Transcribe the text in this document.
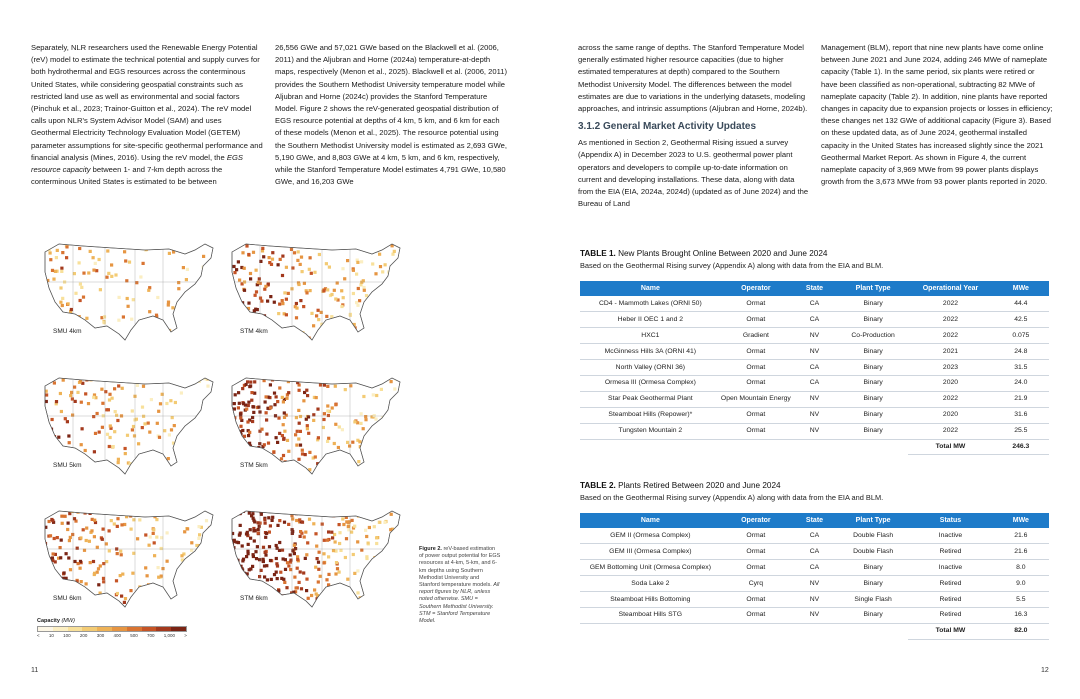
Separately, NLR researchers used the Renewable Energy Potential (reV) model to estimate the technical potential and supply curves for both hydrothermal and EGS resources across the conterminous United States, while considering geospatial constraints such as restricted land use as well as environmental and social factors (Pinchuk et al., 2023; Trainor-Guitton et al., 2024). The reV model calls upon NLR's System Advisor Model (SAM) and uses Geothermal Electricity Technology Evaluation Model (GETEM) parameter assumptions for site-specific geothermal performance and financial analysis (Mines, 2016). Using the reV model, the EGS resource capacity between 1- and 7-km depth across the conterminous United States is estimated to be between

26,556 GWe and 57,021 GWe based on the Blackwell et al. (2006, 2011) and the Aljubran and Horne (2024a) temperature-at-depth maps, respectively (Menon et al., 2025). Blackwell et al. (2006, 2011) provides the Southern Methodist University temperature model while Aljubran and Horne (2024c) provides the Stanford Temperature Model. Figure 2 shows the reV-generated geospatial distribution of EGS resource potential at depths of 4 km, 5 km, and 6 km for each of these models (Menon et al., 2025). The resource potential using the Southern Methodist University model is estimated as 2,693 GWe, 5,190 GWe, and 8,803 GWe at 4 km, 5 km, and 6 km, respectively, while the Stanford Temperature Model estimates 4,791 GWe, 10,580 GWe, and 16,203 GWe

across the same range of depths. The Stanford Temperature Model generally estimated higher resource capacities (due to higher estimated temperatures at depth) compared to the Southern Methodist University Model. The differences between the model estimates are due to variations in the underlying datasets, modeling approaches, and intrinsic assumptions (Aljubran and Horne, 2024b).

3.1.2 General Market Activity Updates

As mentioned in Section 2, Geothermal Rising issued a survey (Appendix A) in December 2023 to U.S. geothermal power plant operators and developers to compile up-to-date information on current and developing installations. These data, along with data from the EIA (EIA, 2024a, 2024d) (updated as of June 2024) and the Bureau of Land

Management (BLM), report that nine new plants have come online between June 2021 and June 2024, adding 246 MWe of nameplate capacity (Table 1). In the same period, six plants were retired or have been classified as non-operational, subtracting 82 MWe of nameplate capacity (Table 2). In addition, nine plants have reported changes in capacity due to expansion projects or losses in efficiency; these changes net 132 GWe of additional capacity (Figure 3). Based on these updated data, as of June 2024, geothermal installed capacity in the United States has increased slightly since the 2021 Geothermal Market Report. As shown in Figure 4, the current nameplate capacity of 3,969 MWe from 99 power plants displays growth from the 3,673 MWe from 93 power plants reported in 2020.

SMU 4km	STM 4km
SMU 5km	STM 5km
SMU 6km	STM 6km
Capacity (MW)
< 10 100 200 300 400 500 700 1,000 >
Figure 2. reV-based estimation of power output potential for EGS resources at 4-km, 5-km, and 6-km depths using Southern Methodist University and Stanford temperature models. All report figures by NLR, unless noted otherwise. SMU = Southern Methodist University. STM = Stanford Temperature Model.
TABLE 1. New Plants Brought Online Between 2020 and June 2024
Based on the Geothermal Rising survey (Appendix A) along with data from the EIA and BLM.
Name	Operator	State	Plant Type	Operational Year	MWe
CD4 - Mammoth Lakes (ORNI 50)	Ormat	CA	Binary	2022	44.4
Heber II OEC 1 and 2	Ormat	CA	Binary	2022	42.5
HXC1	Gradient	NV	Co-Production	2022	0.075
McGinness Hills 3A (ORNI 41)	Ormat	NV	Binary	2021	24.8
North Valley (ORNI 36)	Ormat	CA	Binary	2023	31.5
Ormesa III (Ormesa Complex)	Ormat	CA	Binary	2020	24.0
Star Peak Geothermal Plant	Open Mountain Energy	NV	Binary	2022	21.9
Steamboat Hills (Repower)*	Ormat	NV	Binary	2020	31.6
Tungsten Mountain 2	Ormat	NV	Binary	2022	25.5
				Total MW	246.3
TABLE 2. Plants Retired Between 2020 and June 2024
Based on the Geothermal Rising survey (Appendix A) along with data from the EIA and BLM.
Name	Operator	State	Plant Type	Status	MWe
GEM II (Ormesa Complex)	Ormat	CA	Double Flash	Inactive	21.6
GEM III (Ormesa Complex)	Ormat	CA	Double Flash	Retired	21.6
GEM Bottoming Unit (Ormesa Complex)	Ormat	CA	Binary	Inactive	8.0
Soda Lake 2	Cyrq	NV	Binary	Retired	9.0
Steamboat Hills Bottoming	Ormat	NV	Single Flash	Retired	5.5
Steamboat Hills STG	Ormat	NV	Binary	Retired	16.3
				Total MW	82.0
11	12
